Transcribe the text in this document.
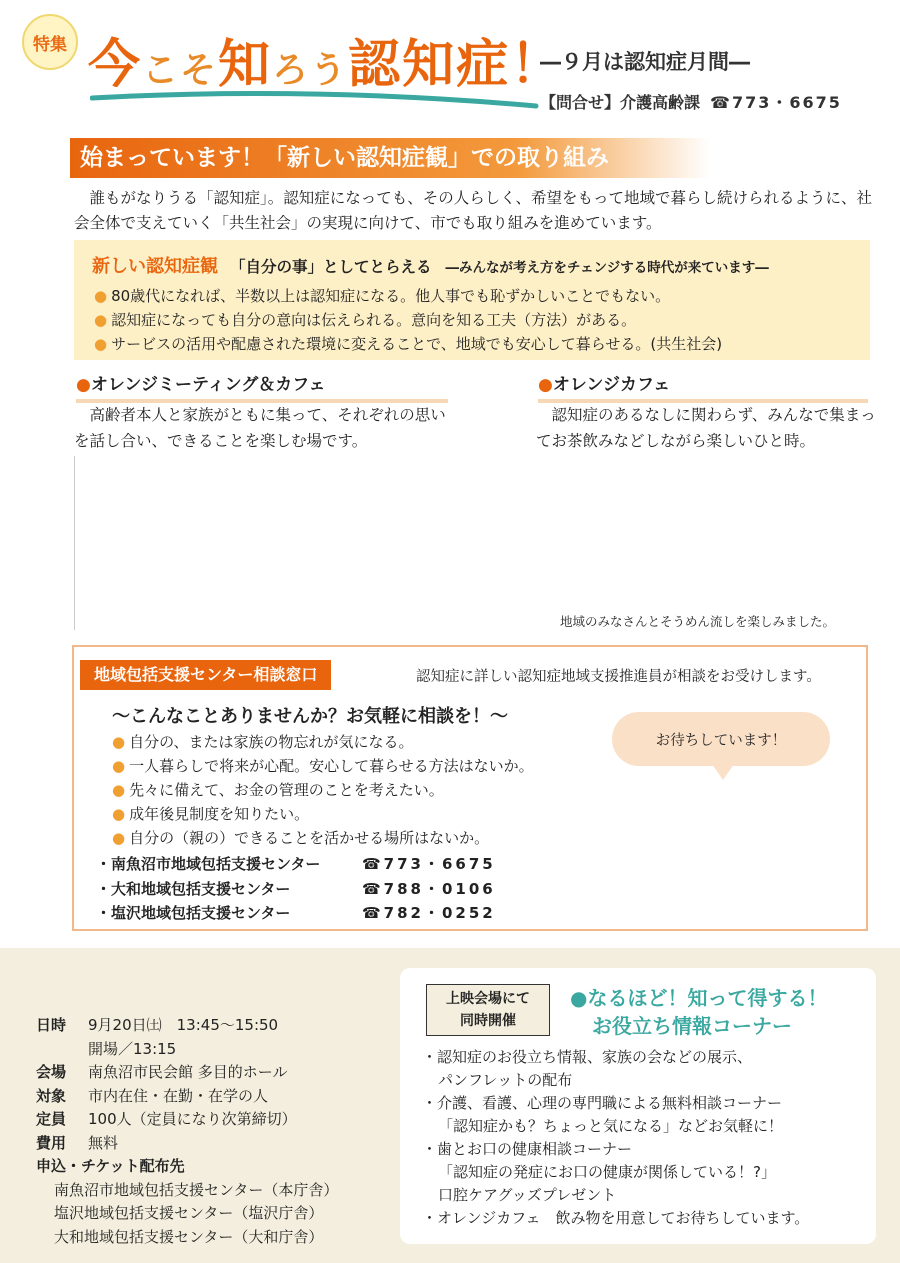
特集 今こそ知ろう認知症！
―９月は認知症月間―
【問合せ】介護高齢課 ☎773・6675
始まっています！「新しい認知症観」での取り組み

誰もがなりうる「認知症」。認知症になっても、その人らしく、希望をもって地域で暮らし続けられるように、社会全体で支えていく「共生社会」の実現に向けて、市でも取り組みを進めています。

新しい認知症観 「自分の事」としてとらえる ―みんなが考え方をチェンジする時代が来ています―
● 80歳代になれば、半数以上は認知症になる。他人事でも恥ずかしいことでもない。
● 認知症になっても自分の意向は伝えられる。意向を知る工夫（方法）がある。
● サービスの活用や配慮された環境に変えることで、地域でも安心して暮らせる。(共生社会)
●オレンジミーティング＆カフェ	●オレンジカフェ

高齢者本人と家族がともに集って、それぞれの思いを話し合い、できることを楽しむ場です。

認知症のあるなしに関わらず、みんなで集まってお茶飲みなどしながら楽しいひと時。

地域のみなさんとそうめん流しを楽しみました。
地域包括支援センター相談窓口	認知症に詳しい認知症地域支援推進員が相談をお受けします。
～こんなことありませんか？お気軽に相談を！～
お待ちしています！
● 自分の、または家族の物忘れが気になる。
● 一人暮らしで将来が心配。安心して暮らせる方法はないか。
● 先々に備えて、お金の管理のことを考えたい。
● 成年後見制度を知りたい。
● 自分の（親の）できることを活かせる場所はないか。
・南魚沼市地域包括支援センター	☎773・6675
・大和地域包括支援センター	☎788・0106
・塩沢地域包括支援センター	☎782・0252
日時 9月20日㈯　13:45～15:50
開場／13:15
会場 南魚沼市民会館 多目的ホール
対象 市内在住・在勤・在学の人
定員 100人（定員になり次第締切）
費用 無料
申込・チケット配布先
南魚沼市地域包括支援センター（本庁舎）
塩沢地域包括支援センター（塩沢庁舎）
大和地域包括支援センター（大和庁舎）
上映会場にて
同時開催
●なるほど！知って得する！
お役立ち情報コーナー
・認知症のお役立ち情報、家族の会などの展示、
パンフレットの配布
・介護、看護、心理の専門職による無料相談コーナー
「認知症かも？ちょっと気になる」などお気軽に！
・歯とお口の健康相談コーナー
「認知症の発症にお口の健康が関係している！?」
口腔ケアグッズプレゼント
・オレンジカフェ　飲み物を用意してお待ちしています。
